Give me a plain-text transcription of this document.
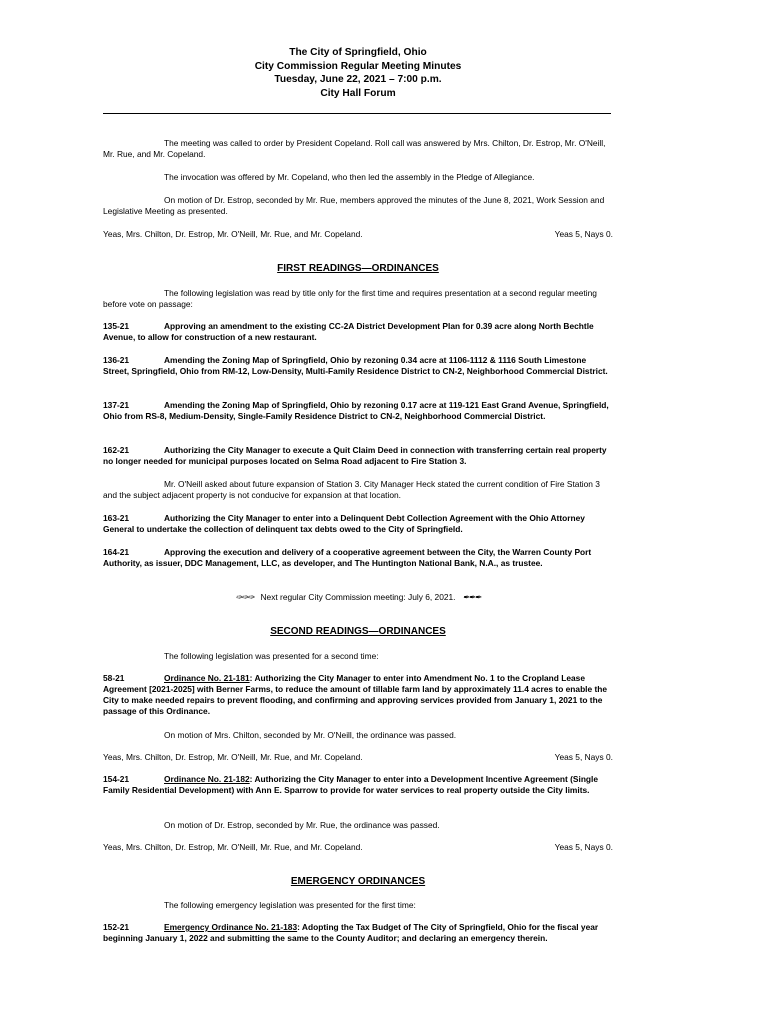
The City of Springfield, Ohio
City Commission Regular Meeting Minutes
Tuesday, June 22, 2021 – 7:00 p.m.
City Hall Forum

The meeting was called to order by President Copeland. Roll call was answered by Mrs. Chilton, Dr. Estrop, Mr. O'Neill, Mr. Rue, and Mr. Copeland.

The invocation was offered by Mr. Copeland, who then led the assembly in the Pledge of Allegiance.

On motion of Dr. Estrop, seconded by Mr. Rue, members approved the minutes of the June 8, 2021, Work Session and Legislative Meeting as presented.

Yeas, Mrs. Chilton, Dr. Estrop, Mr. O'Neill, Mr. Rue, and Mr. Copeland.	Yeas 5, Nays 0.
FIRST READINGS—ORDINANCES

The following legislation was read by title only for the first time and requires presentation at a second regular meeting before vote on passage:

135-21	Approving an amendment to the existing CC-2A District Development Plan for 0.39 acre along North Bechtle Avenue, to allow for construction of a new restaurant.

136-21	Amending the Zoning Map of Springfield, Ohio by rezoning 0.34 acre at 1106-1112 & 1116 South Limestone Street, Springfield, Ohio from RM-12, Low-Density, Multi-Family Residence District to CN-2, Neighborhood Commercial District.

137-21	Amending the Zoning Map of Springfield, Ohio by rezoning 0.17 acre at 119-121 East Grand Avenue, Springfield, Ohio from RS-8, Medium-Density, Single-Family Residence District to CN-2, Neighborhood Commercial District.

162-21	Authorizing the City Manager to execute a Quit Claim Deed in connection with transferring certain real property no longer needed for municipal purposes located on Selma Road adjacent to Fire Station 3.

Mr. O'Neill asked about future expansion of Station 3. City Manager Heck stated the current condition of Fire Station 3 and the subject adjacent property is not conducive for expansion at that location.

163-21	Authorizing the City Manager to enter into a Delinquent Debt Collection Agreement with the Ohio Attorney General to undertake the collection of delinquent tax debts owed to the City of Springfield.

164-21	Approving the execution and delivery of a cooperative agreement between the City, the Warren County Port Authority, as issuer, DDC Management, LLC, as developer, and The Huntington National Bank, N.A., as trustee.

✑✑✑ Next regular City Commission meeting: July 6, 2021. ✒✒✒
SECOND READINGS—ORDINANCES

The following legislation was presented for a second time:

58-21	Ordinance No. 21-181: Authorizing the City Manager to enter into Amendment No. 1 to the Cropland Lease Agreement [2021-2025] with Berner Farms, to reduce the amount of tillable farm land by approximately 11.4 acres to enable the City to make needed repairs to prevent flooding, and confirming and approving services provided from January 1, 2021 to the passage of this Ordinance.

On motion of Mrs. Chilton, seconded by Mr. O'Neill, the ordinance was passed.

Yeas, Mrs. Chilton, Dr. Estrop, Mr. O'Neill, Mr. Rue, and Mr. Copeland.	Yeas 5, Nays 0.

154-21	Ordinance No. 21-182: Authorizing the City Manager to enter into a Development Incentive Agreement (Single Family Residential Development) with Ann E. Sparrow to provide for water services to real property outside the City limits.

On motion of Dr. Estrop, seconded by Mr. Rue, the ordinance was passed.

Yeas, Mrs. Chilton, Dr. Estrop, Mr. O'Neill, Mr. Rue, and Mr. Copeland.	Yeas 5, Nays 0.
EMERGENCY ORDINANCES

The following emergency legislation was presented for the first time:

152-21	Emergency Ordinance No. 21-183: Adopting the Tax Budget of The City of Springfield, Ohio for the fiscal year beginning January 1, 2022 and submitting the same to the County Auditor; and declaring an emergency therein.
